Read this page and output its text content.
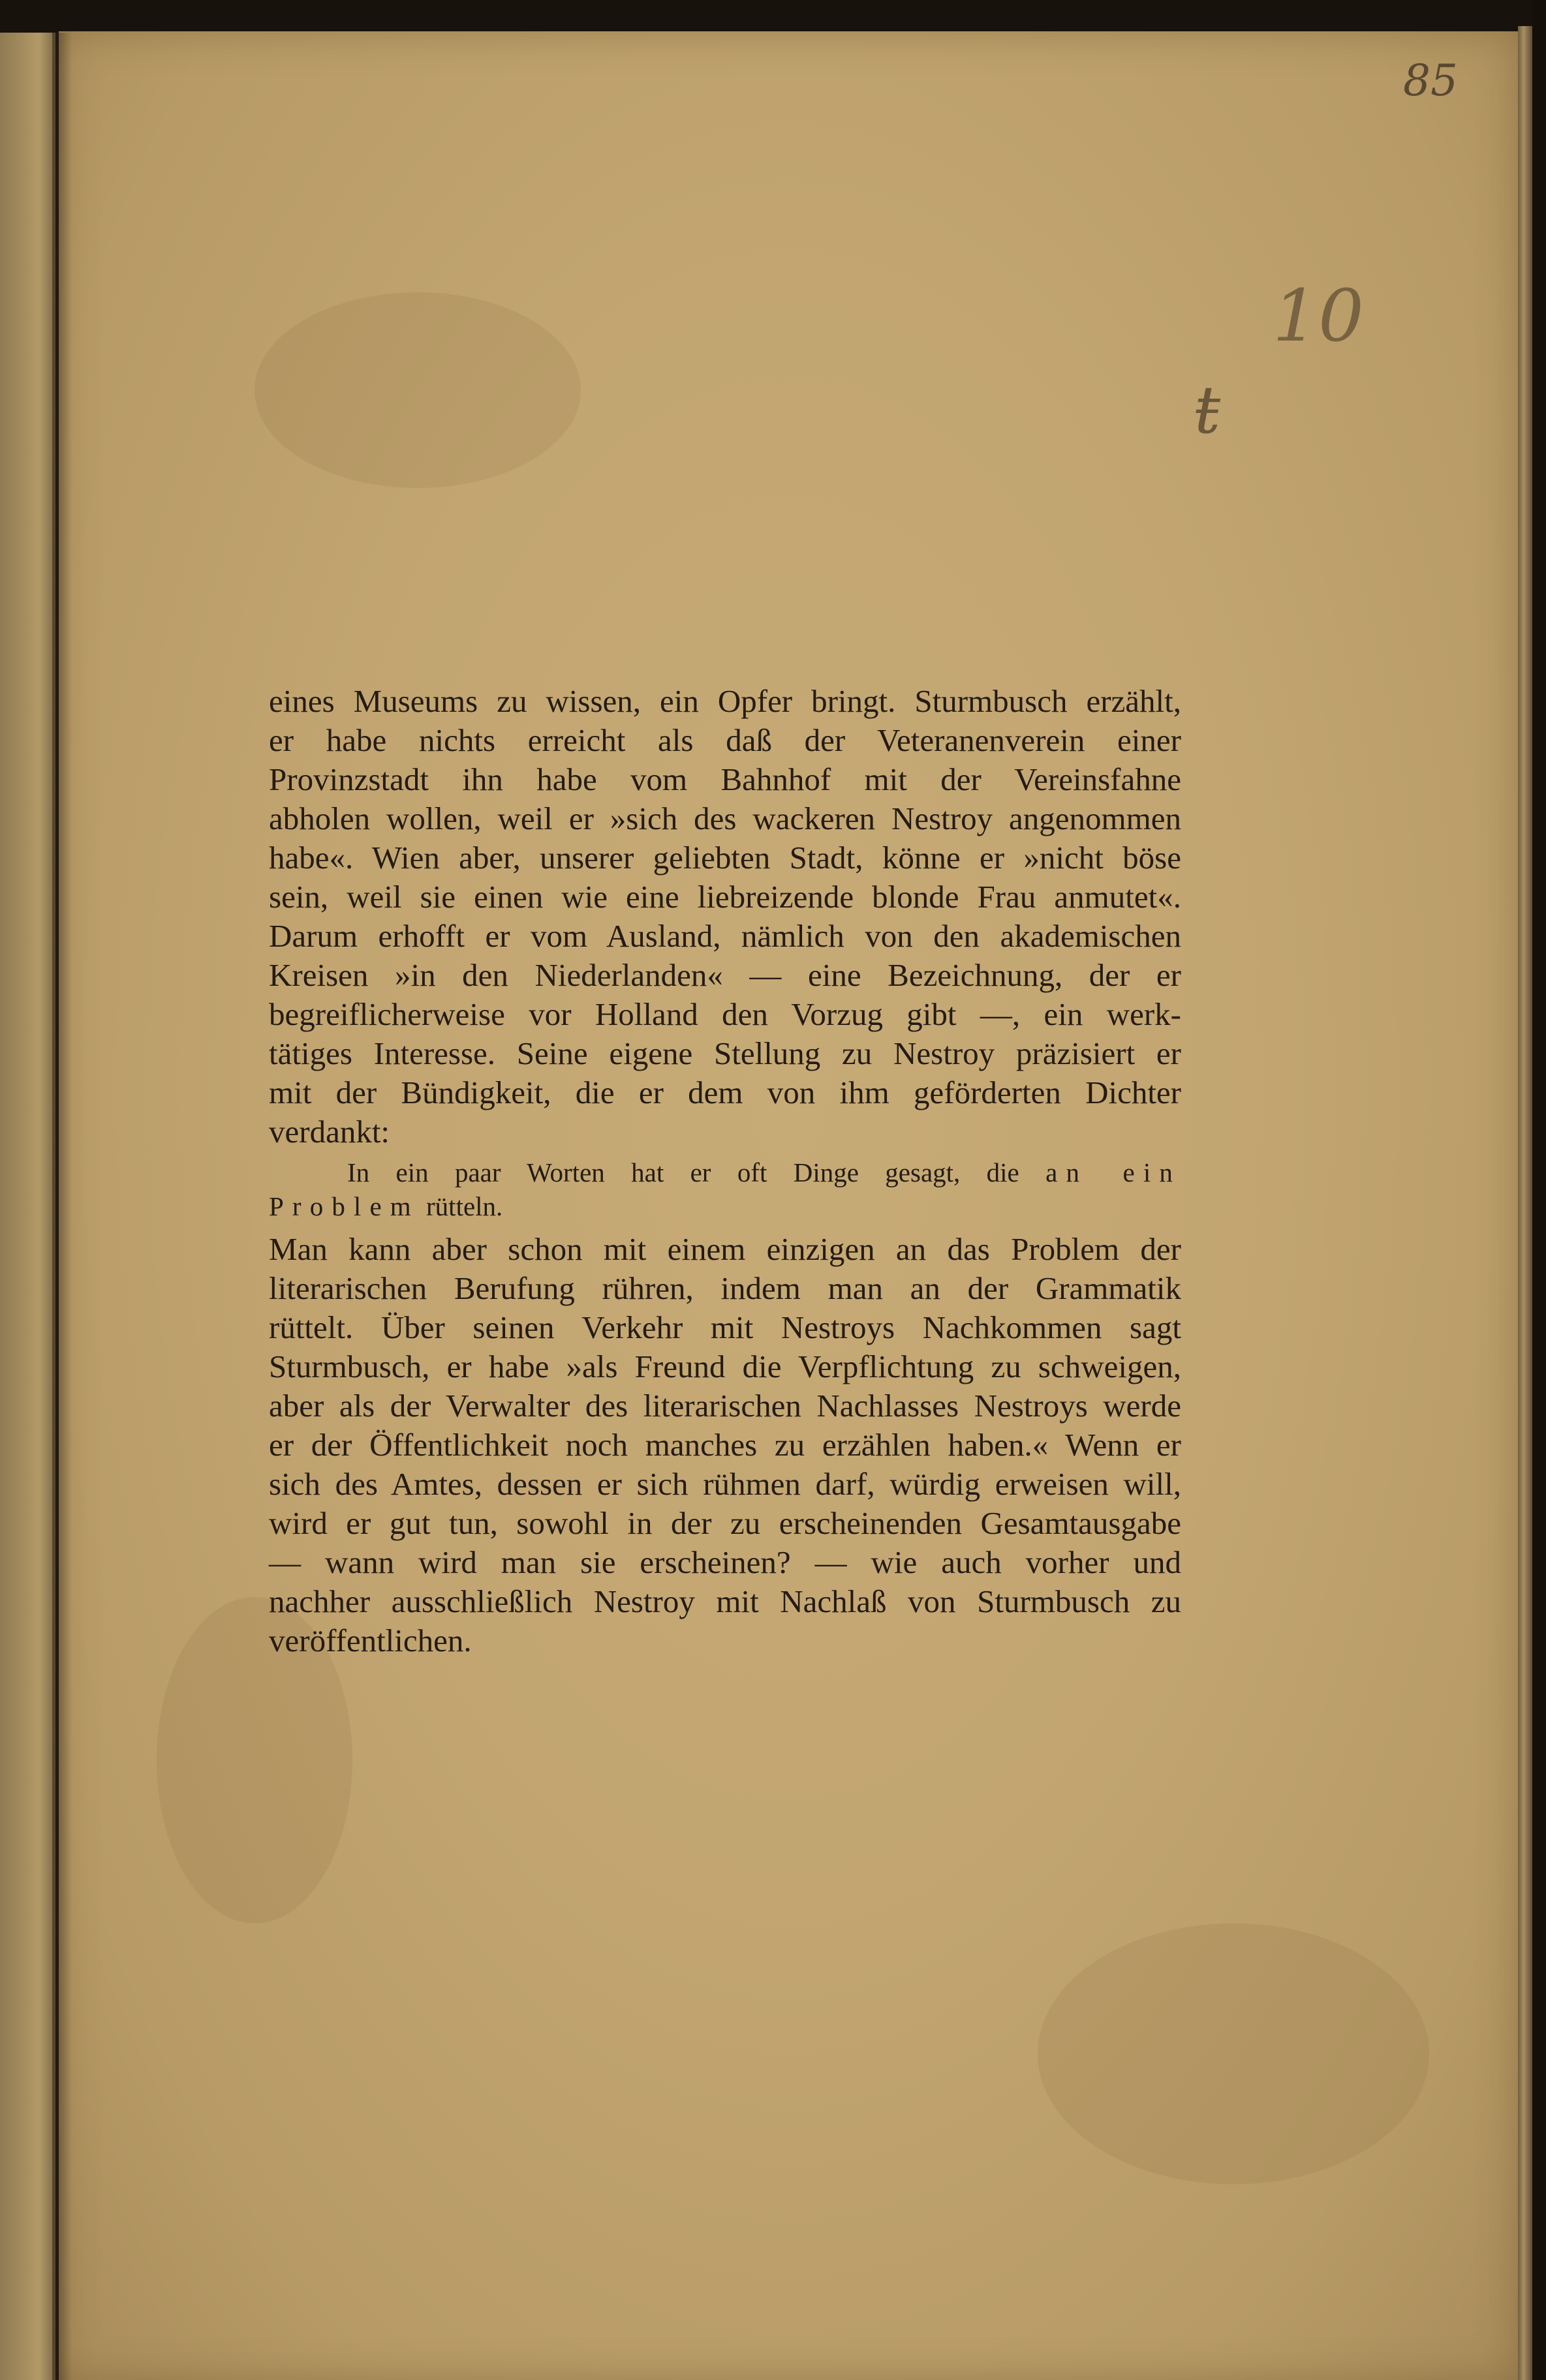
85
10
ŧ
eines Museums zu wissen, ein Opfer bringt. Sturmbusch erzählt,
er habe nichts erreicht als daß der Veteranenverein einer
Provinzstadt ihn habe vom Bahnhof mit der Vereinsfahne
abholen wollen, weil er »sich des wackeren Nestroy angenommen
habe«. Wien aber, unserer geliebten Stadt, könne er »nicht böse
sein, weil sie einen wie eine liebreizende blonde Frau anmutet«.
Darum erhofft er vom Ausland, nämlich von den akademischen
Kreisen »in den Niederlanden« — eine Bezeichnung, der er
begreiflicherweise vor Holland den Vorzug gibt —, ein werk-
tätiges Interesse. Seine eigene Stellung zu Nestroy präzisiert er
mit der Bündigkeit, die er dem von ihm geförderten Dichter
verdankt:
In ein paar Worten hat er oft Dinge gesagt, die an ein
Problem rütteln.
Man kann aber schon mit einem einzigen an das Problem der
literarischen Berufung rühren, indem man an der Grammatik
rüttelt. Über seinen Verkehr mit Nestroys Nachkommen sagt
Sturmbusch, er habe »als Freund die Verpflichtung zu schweigen,
aber als der Verwalter des literarischen Nachlasses Nestroys werde
er der Öffentlichkeit noch manches zu erzählen haben.« Wenn er
sich des Amtes, dessen er sich rühmen darf, würdig erweisen will,
wird er gut tun, sowohl in der zu erscheinenden Gesamtausgabe
— wann wird man sie erscheinen? — wie auch vorher und
nachher ausschließlich Nestroy mit Nachlaß von Sturmbusch zu
veröffentlichen.
